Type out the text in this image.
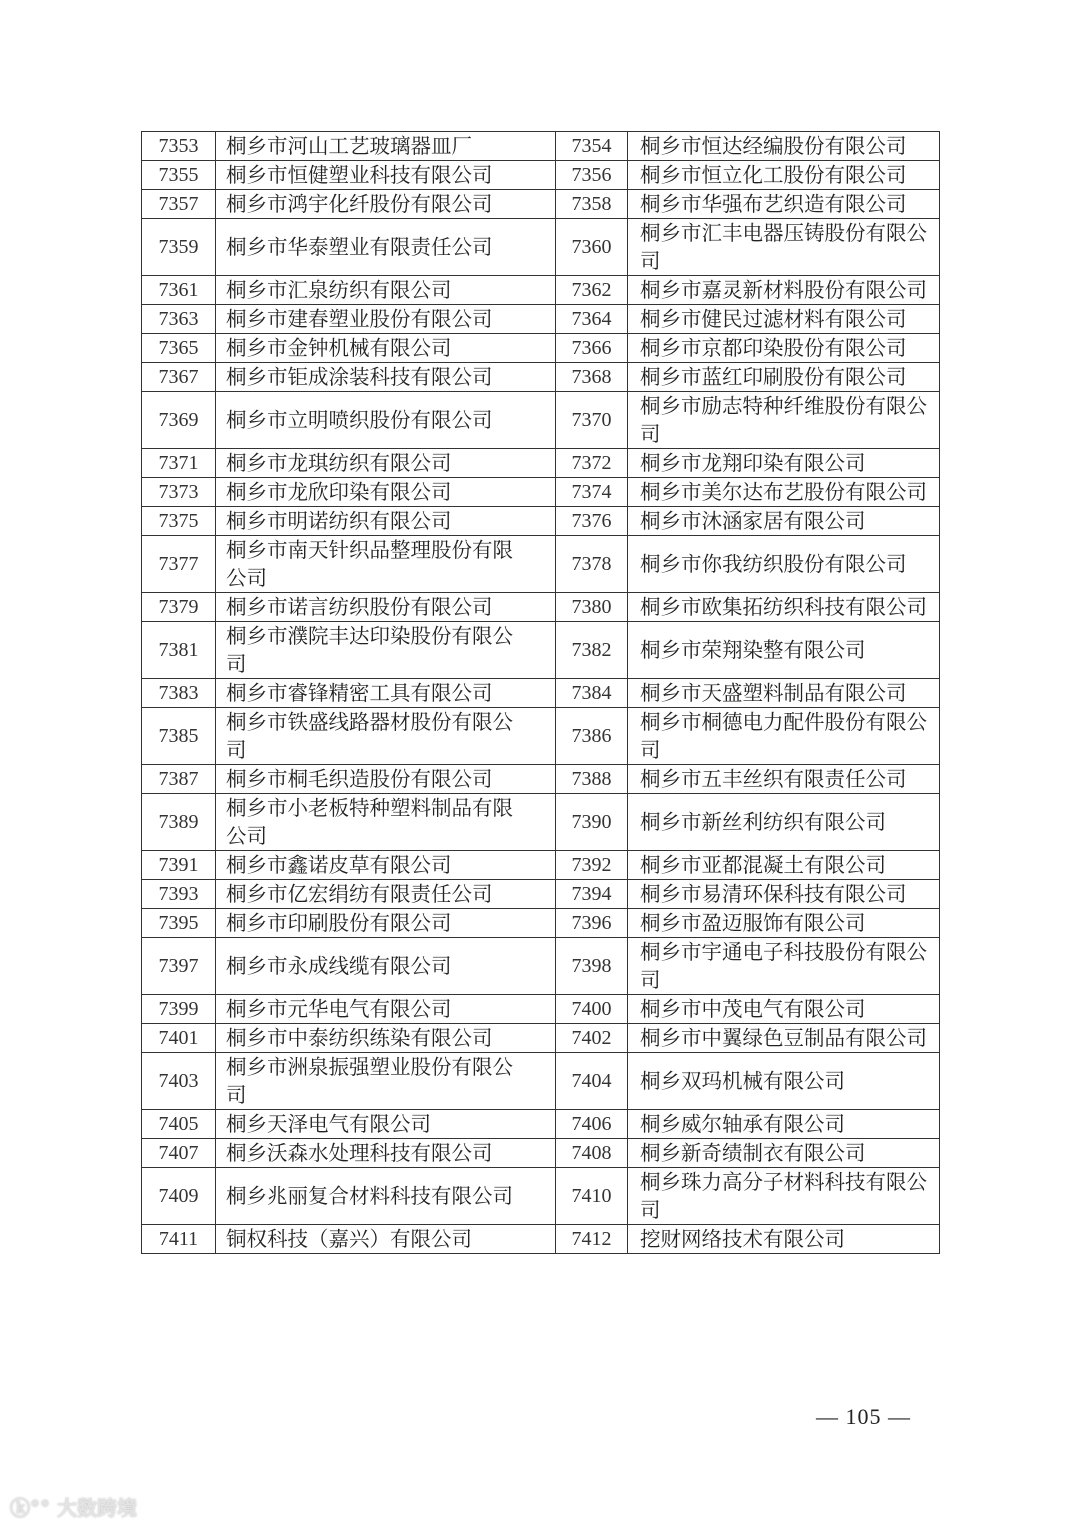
7353	桐乡市河山工艺玻璃器皿厂	7354	桐乡市恒达经编股份有限公司
7355	桐乡市恒健塑业科技有限公司	7356	桐乡市恒立化工股份有限公司
7357	桐乡市鸿宇化纤股份有限公司	7358	桐乡市华强布艺织造有限公司
7359	桐乡市华泰塑业有限责任公司	7360	桐乡市汇丰电器压铸股份有限公司
7361	桐乡市汇泉纺织有限公司	7362	桐乡市嘉灵新材料股份有限公司
7363	桐乡市建春塑业股份有限公司	7364	桐乡市健民过滤材料有限公司
7365	桐乡市金钟机械有限公司	7366	桐乡市京都印染股份有限公司
7367	桐乡市钜成涂装科技有限公司	7368	桐乡市蓝红印刷股份有限公司
7369	桐乡市立明喷织股份有限公司	7370	桐乡市励志特种纤维股份有限公司
7371	桐乡市龙琪纺织有限公司	7372	桐乡市龙翔印染有限公司
7373	桐乡市龙欣印染有限公司	7374	桐乡市美尔达布艺股份有限公司
7375	桐乡市明诺纺织有限公司	7376	桐乡市沐涵家居有限公司
7377	桐乡市南天针织品整理股份有限公司	7378	桐乡市你我纺织股份有限公司
7379	桐乡市诺言纺织股份有限公司	7380	桐乡市欧集拓纺织科技有限公司
7381	桐乡市濮院丰达印染股份有限公司	7382	桐乡市荣翔染整有限公司
7383	桐乡市睿锋精密工具有限公司	7384	桐乡市天盛塑料制品有限公司
7385	桐乡市铁盛线路器材股份有限公司	7386	桐乡市桐德电力配件股份有限公司
7387	桐乡市桐毛织造股份有限公司	7388	桐乡市五丰丝织有限责任公司
7389	桐乡市小老板特种塑料制品有限公司	7390	桐乡市新丝利纺织有限公司
7391	桐乡市鑫诺皮草有限公司	7392	桐乡市亚都混凝土有限公司
7393	桐乡市亿宏绢纺有限责任公司	7394	桐乡市易清环保科技有限公司
7395	桐乡市印刷股份有限公司	7396	桐乡市盈迈服饰有限公司
7397	桐乡市永成线缆有限公司	7398	桐乡市宇通电子科技股份有限公司
7399	桐乡市元华电气有限公司	7400	桐乡市中茂电气有限公司
7401	桐乡市中泰纺织练染有限公司	7402	桐乡市中翼绿色豆制品有限公司
7403	桐乡市洲泉振强塑业股份有限公司	7404	桐乡双玛机械有限公司
7405	桐乡天泽电气有限公司	7406	桐乡威尔轴承有限公司
7407	桐乡沃森水处理科技有限公司	7408	桐乡新奇绩制衣有限公司
7409	桐乡兆丽复合材料科技有限公司	7410	桐乡珠力高分子材料科技有限公司
7411	铜权科技（嘉兴）有限公司	7412	挖财网络技术有限公司
— 105 —
ⓚ°° 大数跨境
